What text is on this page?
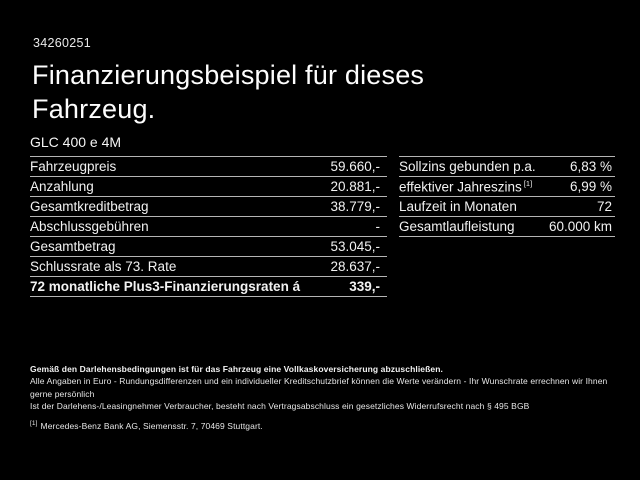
34260251
Finanzierungsbeispiel für dieses
Fahrzeug.
GLC 400 e 4M
Fahrzeugpreis	59.660,-
Anzahlung	20.881,-
Gesamtkreditbetrag	38.779,-
Abschlussgebühren	-
Gesamtbetrag	53.045,-
Schlussrate als 73. Rate	28.637,-
72 monatliche Plus3-Finanzierungsraten á	339,-
Sollzins gebunden p.a.	6,83 %
effektiver Jahreszins [1]	6,99 %
Laufzeit in Monaten	72
Gesamtlaufleistung	60.000 km
Gemäß den Darlehensbedingungen ist für das Fahrzeug eine Vollkaskoversicherung abzuschließen.
Alle Angaben in Euro - Rundungsdifferenzen und ein individueller Kreditschutzbrief können die Werte verändern - Ihr Wunschrate errechnen wir Ihnen gerne persönlich
Ist der Darlehens-/Leasingnehmer Verbraucher, besteht nach Vertragsabschluss ein gesetzliches Widerrufsrecht nach § 495 BGB
[1] Mercedes-Benz Bank AG, Siemensstr. 7, 70469 Stuttgart.
